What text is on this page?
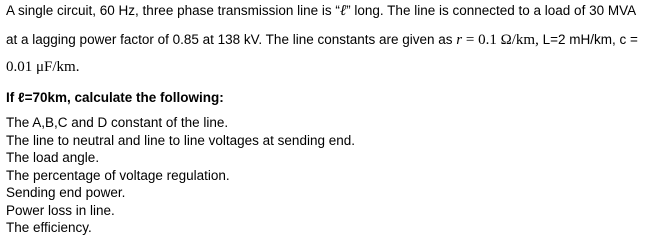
A single circuit, 60 Hz, three phase transmission line is “ℓ” long. The line is connected to a load of 30 MVA
at a lagging power factor of 0.85 at 138 kV. The line constants are given as r = 0.1 Ω/km, L=2 mH/km, c =
0.01 μF/km.
If ℓ=70km, calculate the following:
The A,B,C and D constant of the line.
The line to neutral and line to line voltages at sending end.
The load angle.
The percentage of voltage regulation.
Sending end power.
Power loss in line.
The efficiency.
